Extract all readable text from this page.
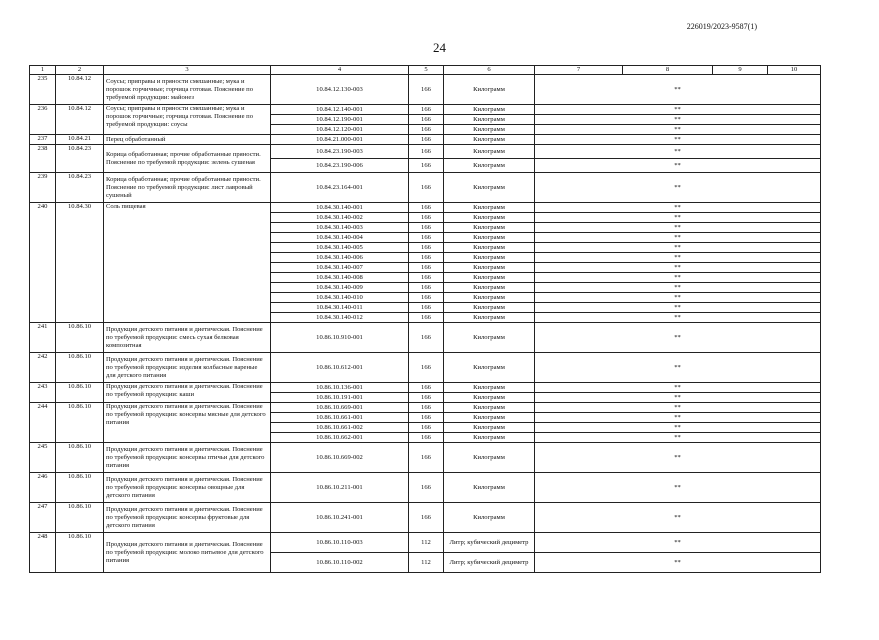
226019/2023-9587(1)
24
1	2	3	4	5	6	7	8	9	10
235	10.84.12	Соусы; приправы и пряности смешанные; мука и порошок горчичные; горчица готовая. Пояснение по требуемой продукции: майонез	10.84.12.130-003	166	Килограмм	**			
236	10.84.12	Соусы; приправы и пряности смешанные; мука и порошок горчичные; горчица готовая. Пояснение по требуемой продукции: соусы	10.84.12.140-001	166	Килограмм	**			
			10.84.12.190-001	166	Килограмм	**			
			10.84.12.120-001	166	Килограмм	**			
237	10.84.21	Перец обработанный	10.84.21.000-001	166	Килограмм	**			
238	10.84.23	Корица обработанная; прочие обработанные пряности. Пояснение по требуемой продукции: зелень сушеная	10.84.23.190-003	166	Килограмм	**			
			10.84.23.190-006	166	Килограмм	**			
239	10.84.23	Корица обработанная; прочие обработанные пряности. Пояснение по требуемой продукции: лист лавровый сушеный	10.84.23.164-001	166	Килограмм	**			
240	10.84.30	Соль пищевая	10.84.30.140-001	166	Килограмм	**			
			10.84.30.140-002	166	Килограмм	**			
			10.84.30.140-003	166	Килограмм	**			
			10.84.30.140-004	166	Килограмм	**			
			10.84.30.140-005	166	Килограмм	**			
			10.84.30.140-006	166	Килограмм	**			
			10.84.30.140-007	166	Килограмм	**			
			10.84.30.140-008	166	Килограмм	**			
			10.84.30.140-009	166	Килограмм	**			
			10.84.30.140-010	166	Килограмм	**			
			10.84.30.140-011	166	Килограмм	**			
			10.84.30.140-012	166	Килограмм	**			
241	10.86.10	Продукция детского питания и диетическая. Пояснение по требуемой продукции: смесь сухая белковая композитная	10.86.10.910-001	166	Килограмм	**			
242	10.86.10	Продукция детского питания и диетическая. Пояснение по требуемой продукции: изделия колбасные вареные для детского питания	10.86.10.612-001	166	Килограмм	**			
243	10.86.10	Продукция детского питания и диетическая. Пояснение по требуемой продукции: каши	10.86.10.136-001	166	Килограмм	**			
			10.86.10.191-001	166	Килограмм	**			
244	10.86.10	Продукция детского питания и диетическая. Пояснение по требуемой продукции: консервы мясные для детского питания	10.86.10.669-001	166	Килограмм	**			
			10.86.10.661-001	166	Килограмм	**			
			10.86.10.661-002	166	Килограмм	**			
			10.86.10.662-001	166	Килограмм	**			
245	10.86.10	Продукция детского питания и диетическая. Пояснение по требуемой продукции: консервы птичьи для детского питания	10.86.10.669-002	166	Килограмм	**			
246	10.86.10	Продукция детского питания и диетическая. Пояснение по требуемой продукции: консервы овощные для детского питания	10.86.10.211-001	166	Килограмм	**			
247	10.86.10	Продукция детского питания и диетическая. Пояснение по требуемой продукции: консервы фруктовые для детского питания	10.86.10.241-001	166	Килограмм	**			
248	10.86.10	Продукция детского питания и диетическая. Пояснение по требуемой продукции: молоко питьевое для детского питания	10.86.10.110-003	112	Литр; кубический дециметр	**			
			10.86.10.110-002	112	Литр; кубический дециметр	**			
